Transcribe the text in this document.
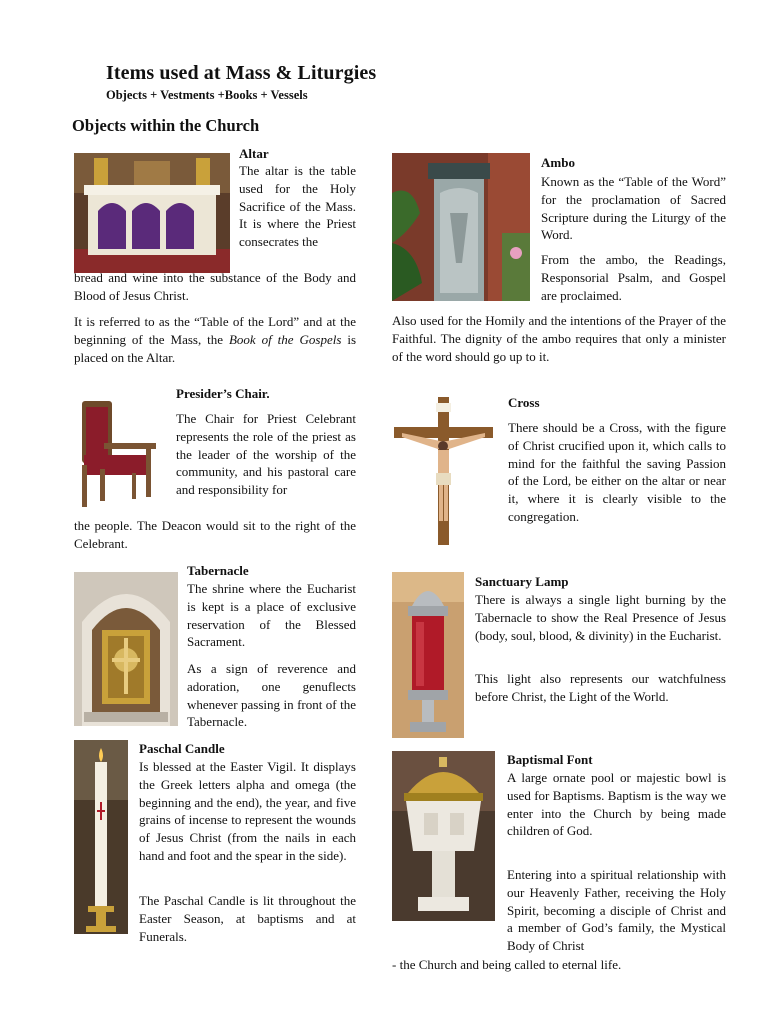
Items used at Mass & Liturgies
Objects + Vestments +Books + Vessels
Objects within the Church
Altar

The altar is the table used for the Holy Sacrifice of the Mass. It is where the Priest consecrates the

bread and wine into the substance of the Body and Blood of Jesus Christ.

It is referred to as the “Table of the Lord” and at the beginning of the Mass, the Book of the Gospels is placed on the Altar.

Presider’s Chair.

The Chair for Priest Celebrant represents the role of the priest as the leader of the worship of the community, and his pastoral care and responsibility for

the people. The Deacon would sit to the right of the Celebrant.

Tabernacle

The shrine where the Eucharist is kept is a place of exclusive reservation of the Blessed Sacrament.

As a sign of reverence and adoration, one genuflects whenever passing in front of the Tabernacle.

Paschal Candle

Is blessed at the Easter Vigil. It displays the Greek letters alpha and omega (the beginning and the end), the year, and five grains of incense to represent the wounds of Jesus Christ (from the nails in each hand and foot and the spear in the side).

The Paschal Candle is lit throughout the Easter Season, at baptisms and at Funerals.

Ambo

Known as the “Table of the Word” for the proclamation of Sacred Scripture during the Liturgy of the Word.

From the ambo, the Readings, Responsorial Psalm, and Gospel are proclaimed.

Also used for the Homily and the intentions of the Prayer of the Faithful. The dignity of the ambo requires that only a minister of the word should go up to it.

Cross

There should be a Cross, with the figure of Christ crucified upon it, which calls to mind for the faithful the saving Passion of the Lord, be either on the altar or near it, where it is clearly visible to the congregation.

Sanctuary Lamp

There is always a single light burning by the Tabernacle to show the Real Presence of Jesus (body, soul, blood, & divinity) in the Eucharist.

This light also represents our watchfulness before Christ, the Light of the World.

Baptismal Font

A large ornate pool or majestic bowl is used for Baptisms. Baptism is the way we enter into the Church by being made children of God.

Entering into a spiritual relationship with our Heavenly Father, receiving the Holy Spirit, becoming a disciple of Christ and a member of God’s family, the Mystical Body of Christ

- the Church and being called to eternal life.
